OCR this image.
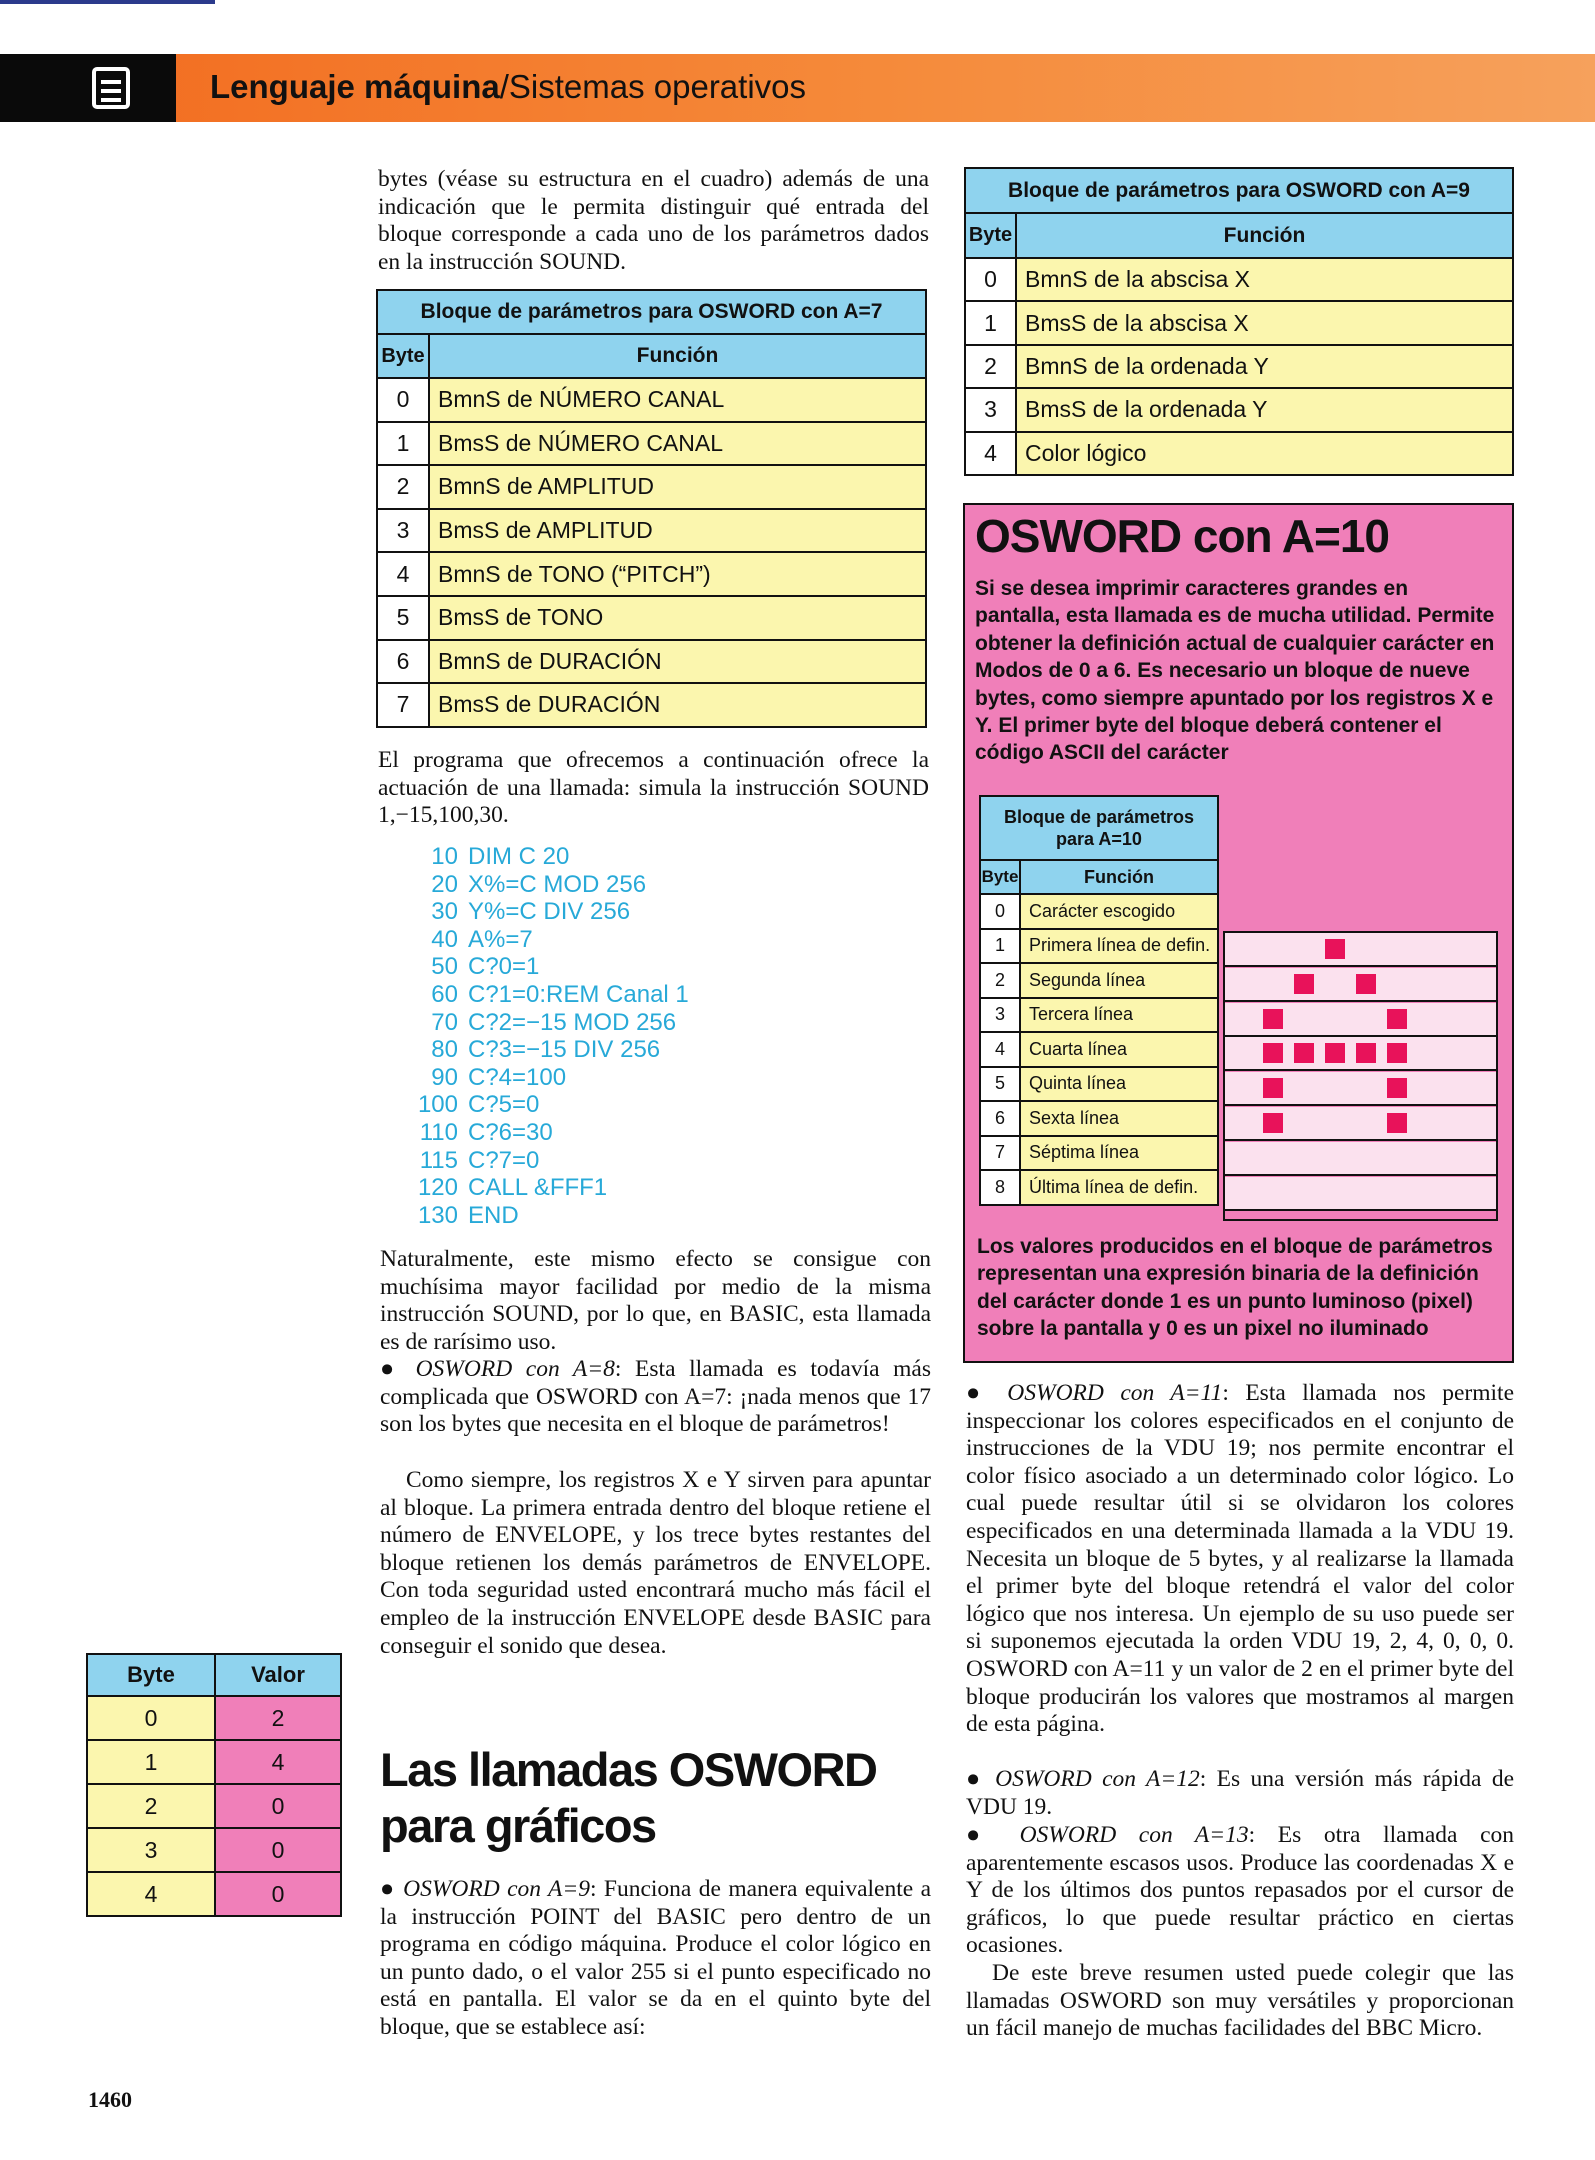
Lenguaje máquina/Sistemas operativos

bytes (véase su estructura en el cuadro) además de una indicación que le permita distinguir qué entrada del bloque corresponde a cada uno de los parámetros dados en la instrucción SOUND.

Bloque de parámetros para OSWORD con A=7	
Byte	Función
0	BmnS de NÚMERO CANAL
1	BmsS de NÚMERO CANAL
2	BmnS de AMPLITUD
3	BmsS de AMPLITUD
4	BmnS de TONO (“PITCH”)
5	BmsS de TONO
6	BmnS de DURACIÓN
7	BmsS de DURACIÓN

El programa que ofrecemos a continuación ofrece la actuación de una llamada: simula la instrucción SOUND 1,−15,100,30.

10 DIM C 20
20 X%=C MOD 256
30 Y%=C DIV 256
40 A%=7
50 C?0=1
60 C?1=0:REM Canal 1
70 C?2=−15 MOD 256
80 C?3=−15 DIV 256
90 C?4=100
100 C?5=0
110 C?6=30
115 C?7=0
120 CALL &FFF1
130 END

Naturalmente, este mismo efecto se consigue con muchísima mayor facilidad por medio de la misma instrucción SOUND, por lo que, en BASIC, esta llamada es de rarísimo uso.

● OSWORD con A=8: Esta llamada es todavía más complicada que OSWORD con A=7: ¡nada menos que 17 son los bytes que necesita en el bloque de parámetros!

Como siempre, los registros X e Y sirven para apuntar al bloque. La primera entrada dentro del bloque retiene el número de ENVELOPE, y los trece bytes restantes del bloque retienen los demás parámetros de ENVELOPE. Con toda seguridad usted encontrará mucho más fácil el empleo de la instrucción ENVELOPE desde BASIC para conseguir el sonido que desea.

Las llamadas OSWORD para gráficos

● OSWORD con A=9: Funciona de manera equivalente a la instrucción POINT del BASIC pero dentro de un programa en código máquina. Produce el color lógico en un punto dado, o el valor 255 si el punto especificado no está en pantalla. El valor se da en el quinto byte del bloque, que se establece así:

Byte	Valor
0	2
1	4
2	0
3	0
4	0
Bloque de parámetros para OSWORD con A=9	
Byte	Función
0	BmnS de la abscisa X
1	BmsS de la abscisa X
2	BmnS de la ordenada Y
3	BmsS de la ordenada Y
4	Color lógico
OSWORD con A=10

Si se desea imprimir caracteres grandes en pantalla, esta llamada es de mucha utilidad. Permite obtener la definición actual de cualquier carácter en Modos de 0 a 6. Es necesario un bloque de nueve bytes, como siempre apuntado por los registros X e Y. El primer byte del bloque deberá contener el código ASCII del carácter

Bloque de parámetros
para A=10	
Byte	Función
0	Carácter escogido
1	Primera línea de defin.
2	Segunda línea
3	Tercera línea
4	Cuarta línea
5	Quinta línea
6	Sexta línea
7	Séptima línea
8	Última línea de defin.

Los valores producidos en el bloque de parámetros representan una expresión binaria de la definición del carácter donde 1 es un punto luminoso (pixel) sobre la pantalla y 0 es un pixel no iluminado

● OSWORD con A=11: Esta llamada nos permite inspeccionar los colores especificados en el conjunto de instrucciones de la VDU 19; nos permite encontrar el color físico asociado a un determinado color lógico. Lo cual puede resultar útil si se olvidaron los colores especificados en una determinada llamada a la VDU 19. Necesita un bloque de 5 bytes, y al realizarse la llamada el primer byte del bloque retendrá el valor del color lógico que nos interesa. Un ejemplo de su uso puede ser si suponemos ejecutada la orden VDU 19, 2, 4, 0, 0, 0. OSWORD con A=11 y un valor de 2 en el primer byte del bloque producirán los valores que mostramos al margen de esta página.

● OSWORD con A=12: Es una versión más rápida de VDU 19.

● OSWORD con A=13: Es otra llamada con aparentemente escasos usos. Produce las coordenadas X e Y de los últimos dos puntos repasados por el cursor de gráficos, lo que puede resultar práctico en ciertas ocasiones.

De este breve resumen usted puede colegir que las llamadas OSWORD son muy versátiles y proporcionan un fácil manejo de muchas facilidades del BBC Micro.

1460
